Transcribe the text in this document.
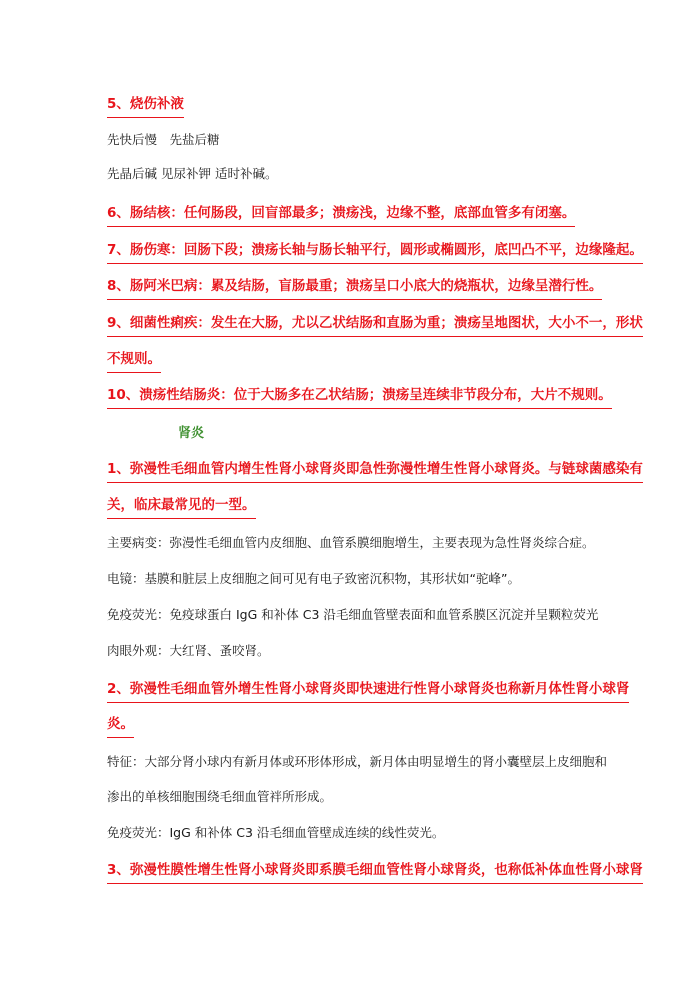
5、烧伤补液
先快后慢　先盐后糖
先晶后碱 见尿补钾 适时补碱。
6、肠结核：任何肠段，回盲部最多；溃疡浅，边缘不整，底部血管多有闭塞。
7、肠伤寒：回肠下段；溃疡长轴与肠长轴平行，圆形或椭圆形，底凹凸不平，边缘隆起。
8、肠阿米巴病：累及结肠，盲肠最重；溃疡呈口小底大的烧瓶状，边缘呈潜行性。
9、细菌性痢疾：发生在大肠，尤以乙状结肠和直肠为重；溃疡呈地图状，大小不一，形状
不规则。
10、溃疡性结肠炎：位于大肠多在乙状结肠；溃疡呈连续非节段分布，大片不规则。
肾炎
1、弥漫性毛细血管内增生性肾小球肾炎即急性弥漫性增生性肾小球肾炎。与链球菌感染有
关，临床最常见的一型。
主要病变：弥漫性毛细血管内皮细胞、血管系膜细胞增生，主要表现为急性肾炎综合症。
电镜：基膜和脏层上皮细胞之间可见有电子致密沉积物，其形状如“驼峰”。
免疫荧光：免疫球蛋白 IgG 和补体 C3 沿毛细血管壁表面和血管系膜区沉淀并呈颗粒荧光
肉眼外观：大红肾、蚤咬肾。
2、弥漫性毛细血管外增生性肾小球肾炎即快速进行性肾小球肾炎也称新月体性肾小球肾
炎。
特征：大部分肾小球内有新月体或环形体形成，新月体由明显增生的肾小囊壁层上皮细胞和
渗出的单核细胞围绕毛细血管袢所形成。
免疫荧光：IgG 和补体 C3 沿毛细血管壁成连续的线性荧光。
3、弥漫性膜性增生性肾小球肾炎即系膜毛细血管性肾小球肾炎，也称低补体血性肾小球肾
